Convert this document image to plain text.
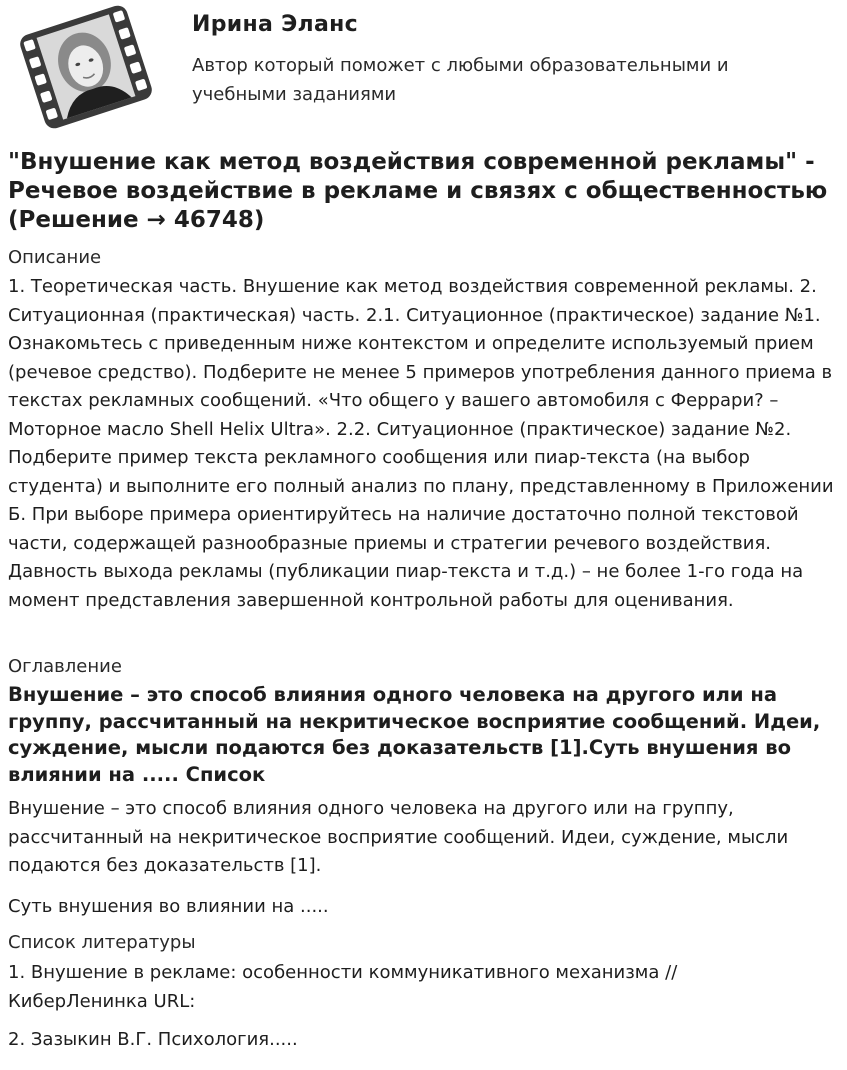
Ирина Эланс
Автор который поможет с любыми образовательными и учебными заданиями
"Внушение как метод воздействия современной рекламы" - Речевое воздействие в рекламе и связях с общественностью (Решение → 46748)
Описание
1. Теоретическая часть. Внушение как метод воздействия современной рекламы. 2. Ситуационная (практическая) часть. 2.1. Ситуационное (практическое) задание №1. Ознакомьтесь с приведенным ниже контекстом и определите используемый прием (речевое средство). Подберите не менее 5 примеров употребления данного приема в текстах рекламных сообщений. «Что общего у вашего автомобиля с Феррари? – Моторное масло Shell Helix Ultra». 2.2. Ситуационное (практическое) задание №2. Подберите пример текста рекламного сообщения или пиар-текста (на выбор студента) и выполните его полный анализ по плану, представленному в Приложении Б. При выборе примера ориентируйтесь на наличие достаточно полной текстовой части, содержащей разнообразные приемы и стратегии речевого воздействия. Давность выхода рекламы (публикации пиар-текста и т.д.) – не более 1-го года на момент представления завершенной контрольной работы для оценивания.
Оглавление
Внушение – это способ влияния одного человека на другого или на группу, рассчитанный на некритическое восприятие сообщений. Идеи, суждение, мысли подаются без доказательств [1].Суть внушения во влиянии на ..... Список

Внушение – это способ влияния одного человека на другого или на группу, рассчитанный на некритическое восприятие сообщений. Идеи, суждение, мысли подаются без доказательств [1].

Суть внушения во влиянии на .....

Список литературы

1. Внушение в рекламе: особенности коммуникативного механизма // КиберЛенинка URL:

2. Зазыкин В.Г. Психология.....
